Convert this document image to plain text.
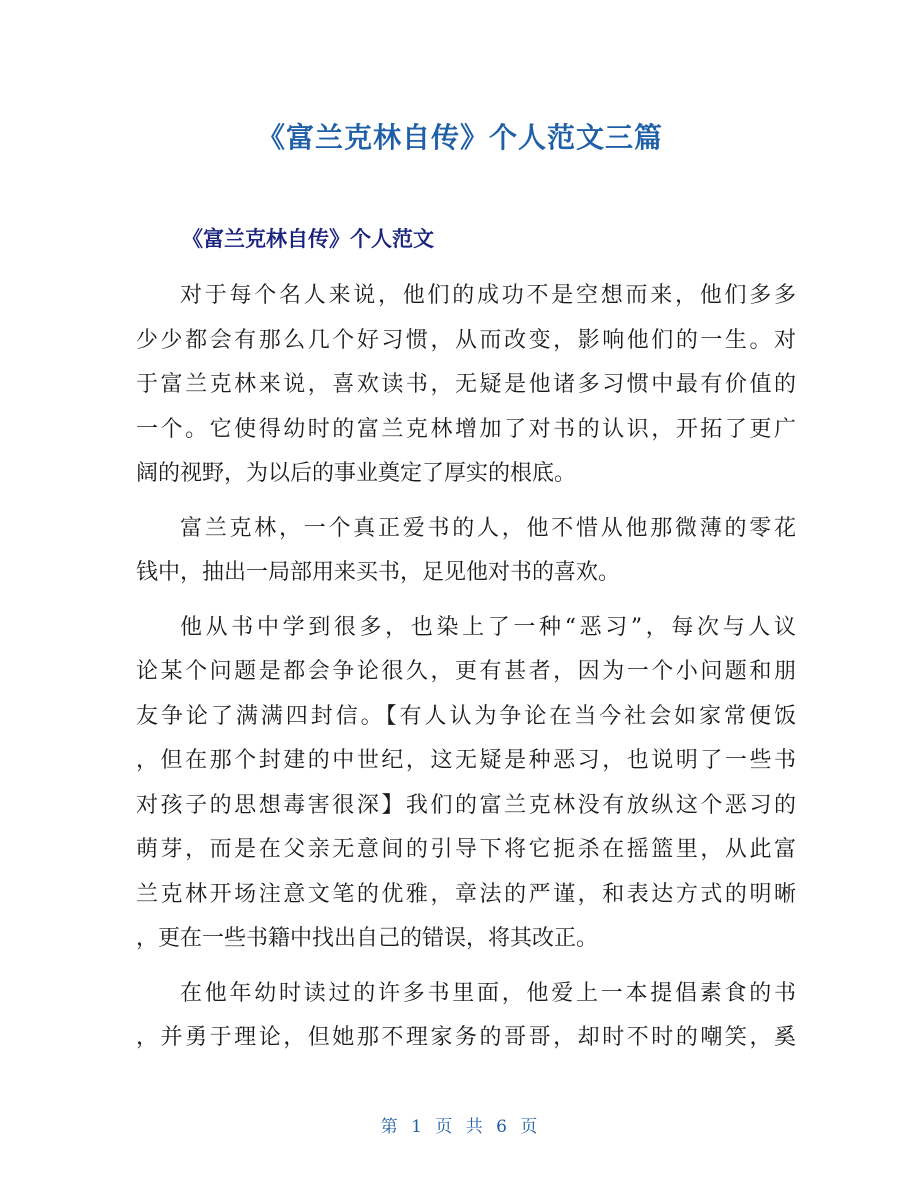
《富兰克林自传》个人范文三篇
《富兰克林自传》个人范文
对于每个名人来说，他们的成功不是空想而来，他们多多
少少都会有那么几个好习惯，从而改变，影响他们的一生。对
于富兰克林来说，喜欢读书，无疑是他诸多习惯中最有价值的
一个。它使得幼时的富兰克林增加了对书的认识，开拓了更广
阔的视野，为以后的事业奠定了厚实的根底。
富兰克林，一个真正爱书的人，他不惜从他那微薄的零花
钱中，抽出一局部用来买书，足见他对书的喜欢。
他从书中学到很多，也染上了一种“恶习”，每次与人议
论某个问题是都会争论很久，更有甚者，因为一个小问题和朋
友争论了满满四封信。【有人认为争论在当今社会如家常便饭
，但在那个封建的中世纪，这无疑是种恶习，也说明了一些书
对孩子的思想毒害很深】我们的富兰克林没有放纵这个恶习的
萌芽，而是在父亲无意间的引导下将它扼杀在摇篮里，从此富
兰克林开场注意文笔的优雅，章法的严谨，和表达方式的明晰
，更在一些书籍中找出自己的错误，将其改正。
在他年幼时读过的许多书里面，他爱上一本提倡素食的书
，并勇于理论，但她那不理家务的哥哥，却时不时的嘲笑，奚
第 1 页 共 6 页
